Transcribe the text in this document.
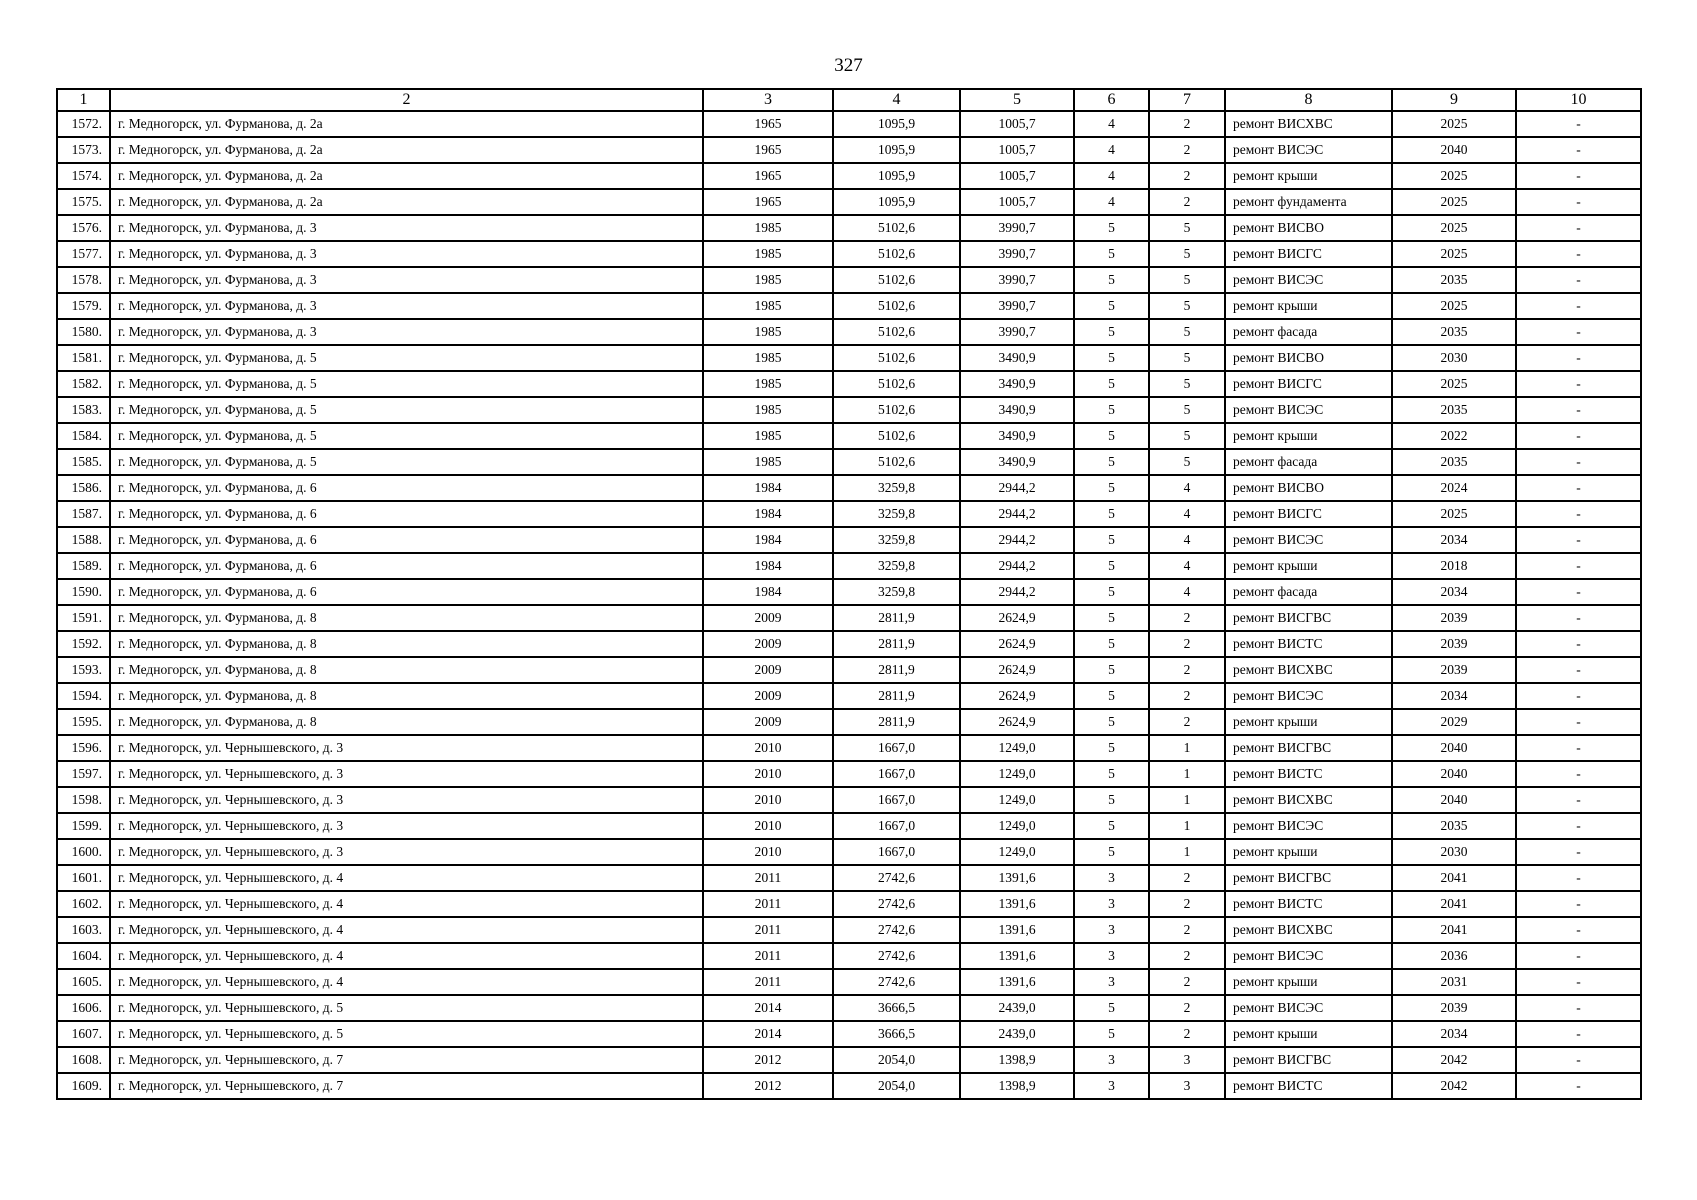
327
1	2	3	4	5	6	7	8	9	10
1572.	г. Медногорск, ул. Фурманова, д. 2а	1965	1095,9	1005,7	4	2	ремонт ВИСХВС	2025	-
1573.	г. Медногорск, ул. Фурманова, д. 2а	1965	1095,9	1005,7	4	2	ремонт ВИСЭС	2040	-
1574.	г. Медногорск, ул. Фурманова, д. 2а	1965	1095,9	1005,7	4	2	ремонт крыши	2025	-
1575.	г. Медногорск, ул. Фурманова, д. 2а	1965	1095,9	1005,7	4	2	ремонт фундамента	2025	-
1576.	г. Медногорск, ул. Фурманова, д. 3	1985	5102,6	3990,7	5	5	ремонт ВИСВО	2025	-
1577.	г. Медногорск, ул. Фурманова, д. 3	1985	5102,6	3990,7	5	5	ремонт ВИСГС	2025	-
1578.	г. Медногорск, ул. Фурманова, д. 3	1985	5102,6	3990,7	5	5	ремонт ВИСЭС	2035	-
1579.	г. Медногорск, ул. Фурманова, д. 3	1985	5102,6	3990,7	5	5	ремонт крыши	2025	-
1580.	г. Медногорск, ул. Фурманова, д. 3	1985	5102,6	3990,7	5	5	ремонт фасада	2035	-
1581.	г. Медногорск, ул. Фурманова, д. 5	1985	5102,6	3490,9	5	5	ремонт ВИСВО	2030	-
1582.	г. Медногорск, ул. Фурманова, д. 5	1985	5102,6	3490,9	5	5	ремонт ВИСГС	2025	-
1583.	г. Медногорск, ул. Фурманова, д. 5	1985	5102,6	3490,9	5	5	ремонт ВИСЭС	2035	-
1584.	г. Медногорск, ул. Фурманова, д. 5	1985	5102,6	3490,9	5	5	ремонт крыши	2022	-
1585.	г. Медногорск, ул. Фурманова, д. 5	1985	5102,6	3490,9	5	5	ремонт фасада	2035	-
1586.	г. Медногорск, ул. Фурманова, д. 6	1984	3259,8	2944,2	5	4	ремонт ВИСВО	2024	-
1587.	г. Медногорск, ул. Фурманова, д. 6	1984	3259,8	2944,2	5	4	ремонт ВИСГС	2025	-
1588.	г. Медногорск, ул. Фурманова, д. 6	1984	3259,8	2944,2	5	4	ремонт ВИСЭС	2034	-
1589.	г. Медногорск, ул. Фурманова, д. 6	1984	3259,8	2944,2	5	4	ремонт крыши	2018	-
1590.	г. Медногорск, ул. Фурманова, д. 6	1984	3259,8	2944,2	5	4	ремонт фасада	2034	-
1591.	г. Медногорск, ул. Фурманова, д. 8	2009	2811,9	2624,9	5	2	ремонт ВИСГВС	2039	-
1592.	г. Медногорск, ул. Фурманова, д. 8	2009	2811,9	2624,9	5	2	ремонт ВИСТС	2039	-
1593.	г. Медногорск, ул. Фурманова, д. 8	2009	2811,9	2624,9	5	2	ремонт ВИСХВС	2039	-
1594.	г. Медногорск, ул. Фурманова, д. 8	2009	2811,9	2624,9	5	2	ремонт ВИСЭС	2034	-
1595.	г. Медногорск, ул. Фурманова, д. 8	2009	2811,9	2624,9	5	2	ремонт крыши	2029	-
1596.	г. Медногорск, ул. Чернышевского, д. 3	2010	1667,0	1249,0	5	1	ремонт ВИСГВС	2040	-
1597.	г. Медногорск, ул. Чернышевского, д. 3	2010	1667,0	1249,0	5	1	ремонт ВИСТС	2040	-
1598.	г. Медногорск, ул. Чернышевского, д. 3	2010	1667,0	1249,0	5	1	ремонт ВИСХВС	2040	-
1599.	г. Медногорск, ул. Чернышевского, д. 3	2010	1667,0	1249,0	5	1	ремонт ВИСЭС	2035	-
1600.	г. Медногорск, ул. Чернышевского, д. 3	2010	1667,0	1249,0	5	1	ремонт крыши	2030	-
1601.	г. Медногорск, ул. Чернышевского, д. 4	2011	2742,6	1391,6	3	2	ремонт ВИСГВС	2041	-
1602.	г. Медногорск, ул. Чернышевского, д. 4	2011	2742,6	1391,6	3	2	ремонт ВИСТС	2041	-
1603.	г. Медногорск, ул. Чернышевского, д. 4	2011	2742,6	1391,6	3	2	ремонт ВИСХВС	2041	-
1604.	г. Медногорск, ул. Чернышевского, д. 4	2011	2742,6	1391,6	3	2	ремонт ВИСЭС	2036	-
1605.	г. Медногорск, ул. Чернышевского, д. 4	2011	2742,6	1391,6	3	2	ремонт крыши	2031	-
1606.	г. Медногорск, ул. Чернышевского, д. 5	2014	3666,5	2439,0	5	2	ремонт ВИСЭС	2039	-
1607.	г. Медногорск, ул. Чернышевского, д. 5	2014	3666,5	2439,0	5	2	ремонт крыши	2034	-
1608.	г. Медногорск, ул. Чернышевского, д. 7	2012	2054,0	1398,9	3	3	ремонт ВИСГВС	2042	-
1609.	г. Медногорск, ул. Чернышевского, д. 7	2012	2054,0	1398,9	3	3	ремонт ВИСТС	2042	-
